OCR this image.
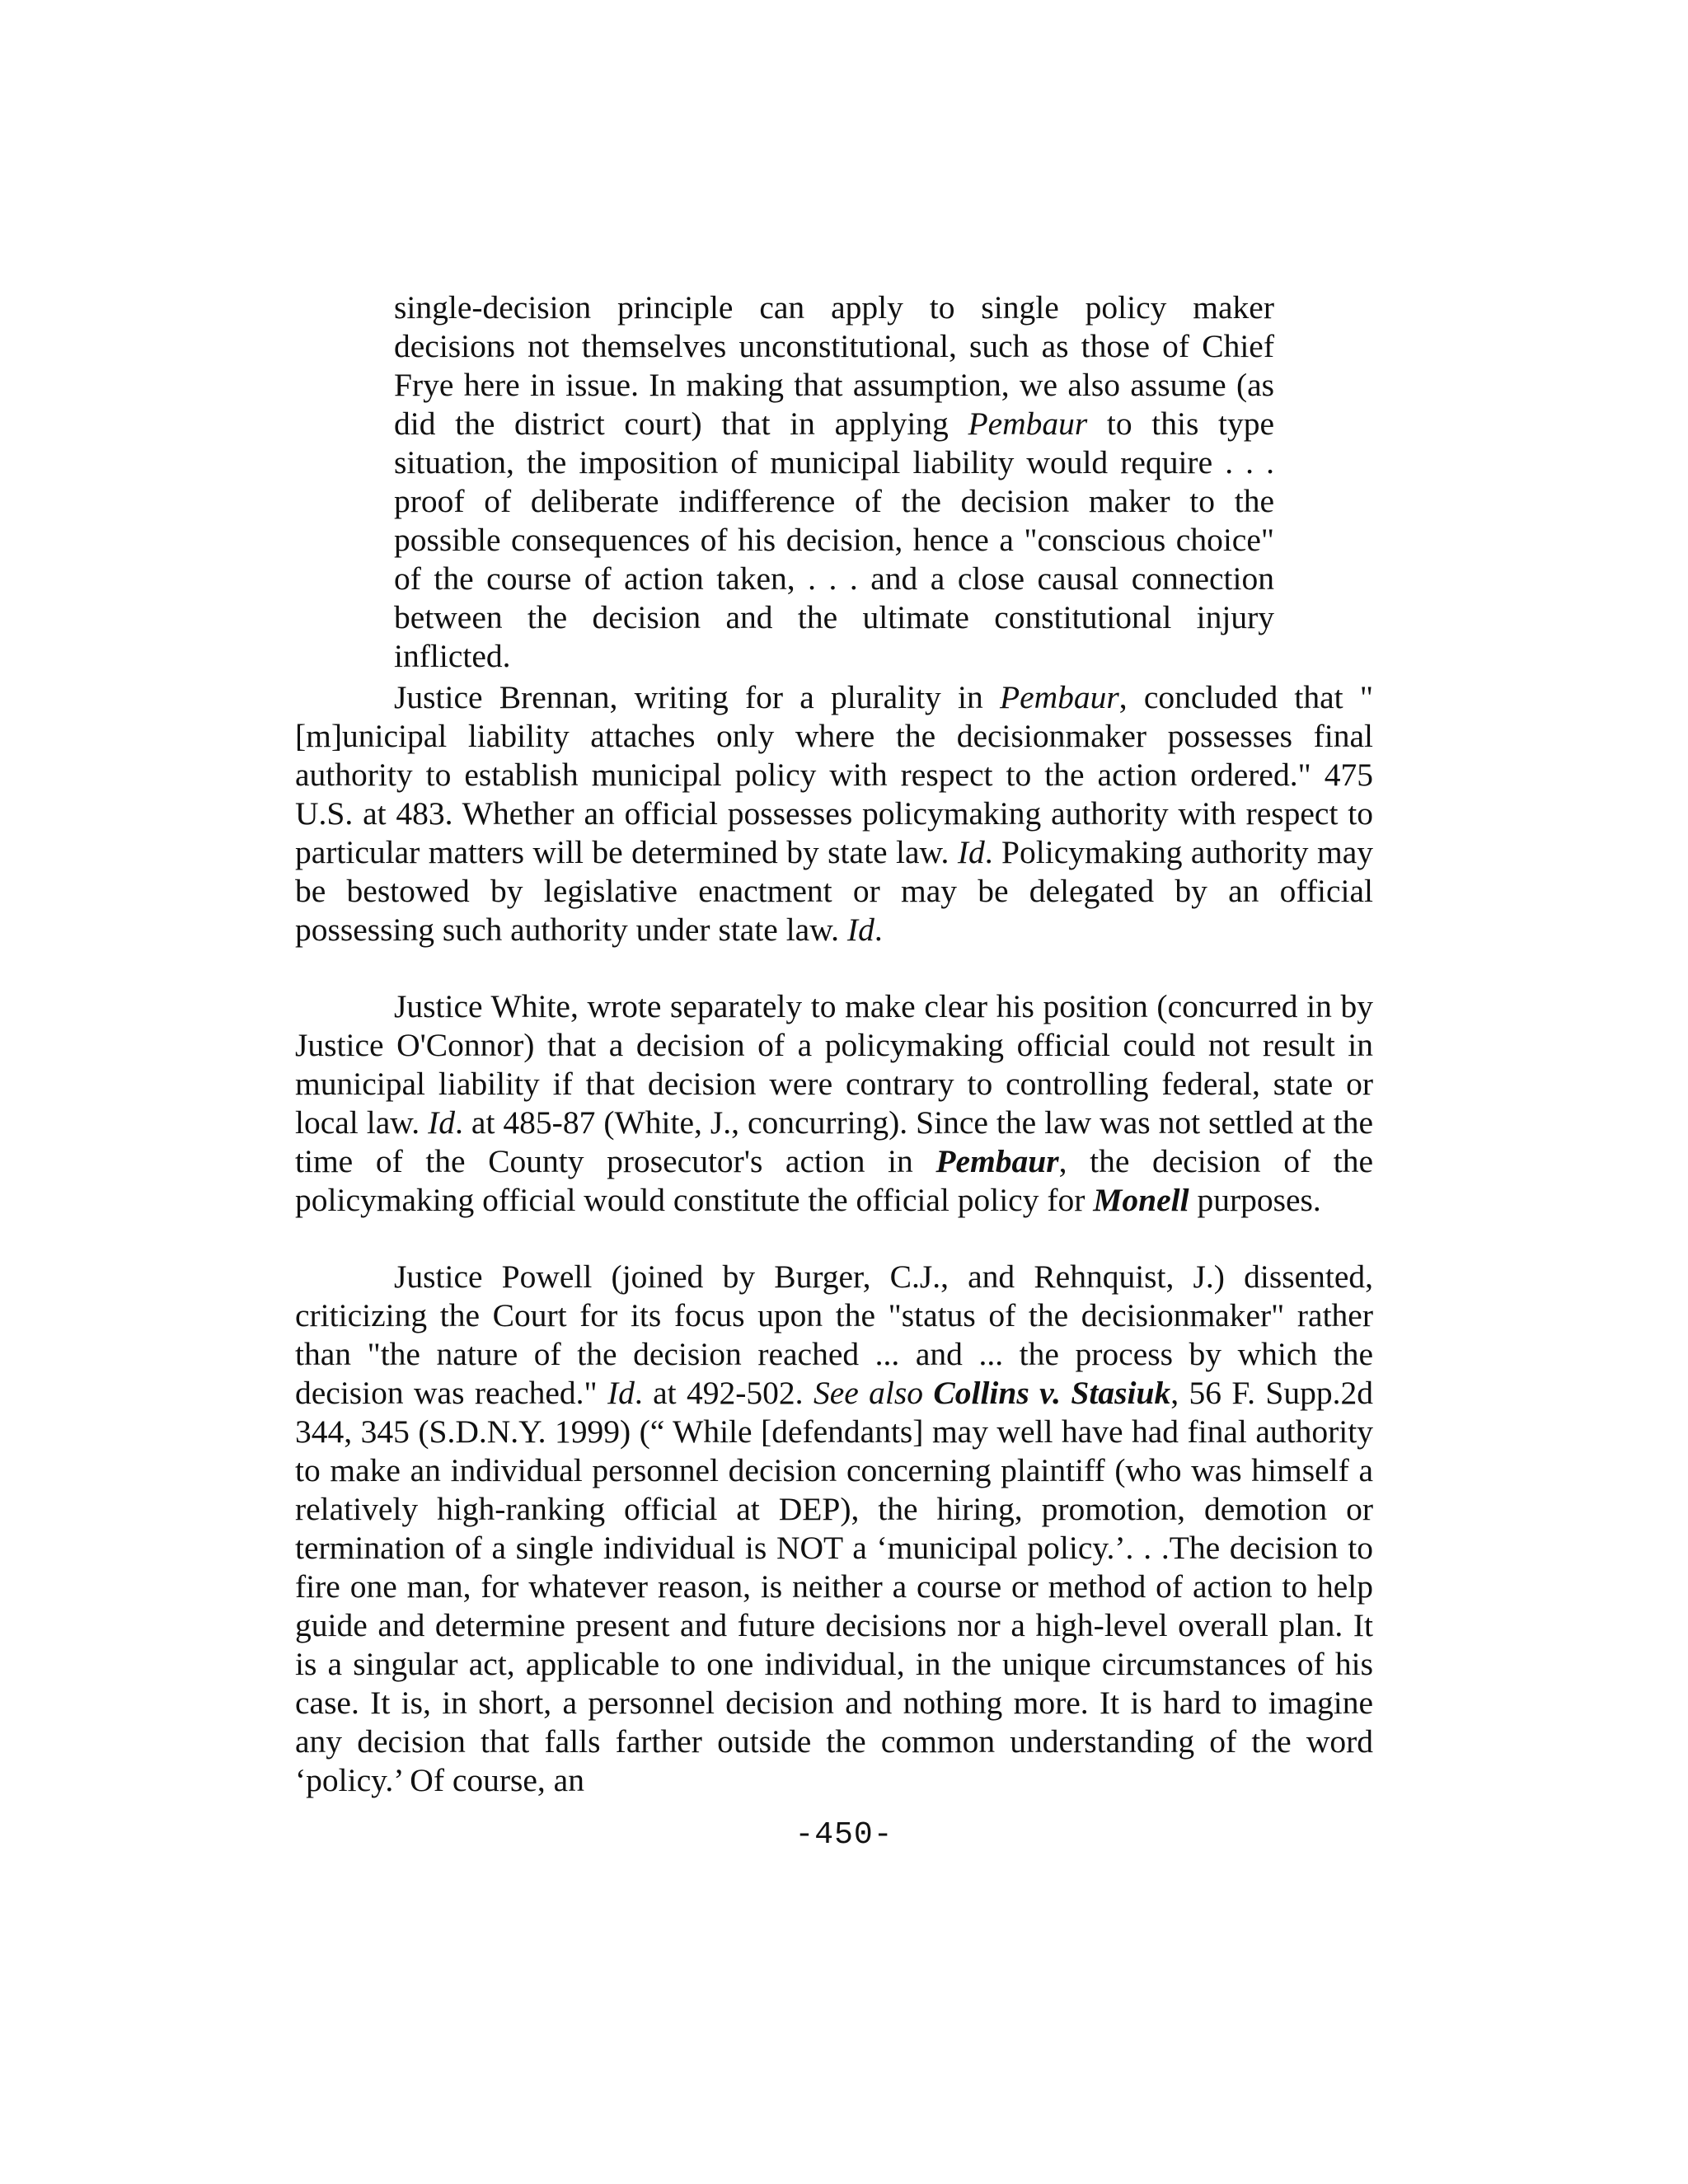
single-decision principle can apply to single policy maker decisions not themselves unconstitutional, such as those of Chief Frye here in issue. In making that assumption, we also assume (as did the district court) that in applying Pembaur to this type situation, the imposition of municipal liability would require . . . proof of deliberate indifference of the decision maker to the possible consequences of his decision, hence a "conscious choice" of the course of action taken, . . . and a close causal connection between the decision and the ultimate constitutional injury inflicted.

Justice Brennan, writing for a plurality in Pembaur, concluded that "[m]unicipal liability attaches only where the decisionmaker possesses final authority to establish municipal policy with respect to the action ordered." 475 U.S. at 483. Whether an official possesses policymaking authority with respect to particular matters will be determined by state law. Id. Policymaking authority may be bestowed by legislative enactment or may be delegated by an official possessing such authority under state law. Id.

Justice White, wrote separately to make clear his position (concurred in by Justice O'Connor) that a decision of a policymaking official could not result in municipal liability if that decision were contrary to controlling federal, state or local law. Id. at 485-87 (White, J., concurring). Since the law was not settled at the time of the County prosecutor's action in Pembaur, the decision of the policymaking official would constitute the official policy for Monell purposes.

Justice Powell (joined by Burger, C.J., and Rehnquist, J.) dissented, criticizing the Court for its focus upon the "status of the decisionmaker" rather than "the nature of the decision reached ... and ... the process by which the decision was reached." Id. at 492-502. See also Collins v. Stasiuk, 56 F. Supp.2d 344, 345 (S.D.N.Y. 1999) (“ While [defendants] may well have had final authority to make an individual personnel decision concerning plaintiff (who was himself a relatively high-ranking official at DEP), the hiring, promotion, demotion or termination of a single individual is NOT a ‘municipal policy.’. . .The decision to fire one man, for whatever reason, is neither a course or method of action to help guide and determine present and future decisions nor a high-level overall plan. It is a singular act, applicable to one individual, in the unique circumstances of his case. It is, in short, a personnel decision and nothing more. It is hard to imagine any decision that falls farther outside the common understanding of the word ‘policy.’ Of course, an

-450-
